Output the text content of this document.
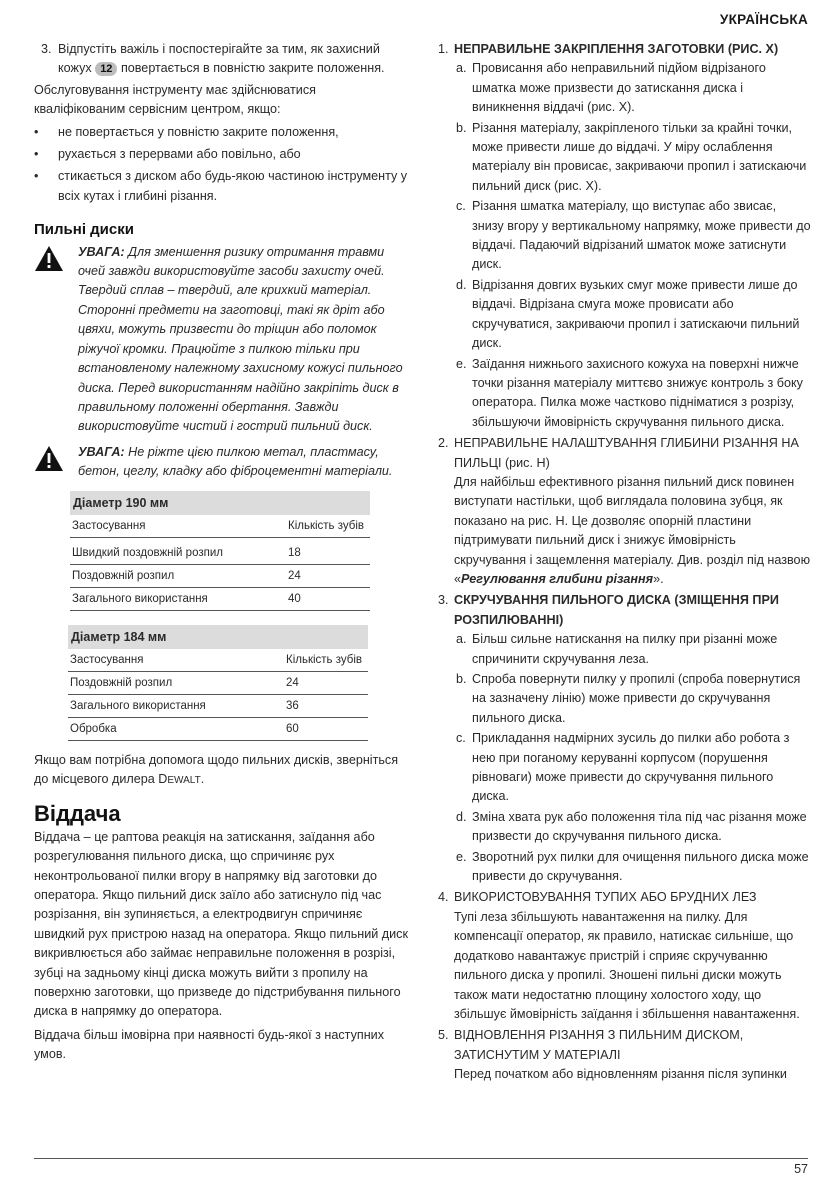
УКРАЇНСЬКА
3. Відпустіть важіль і поспостерігайте за тим, як захисний кожух 12 повертається в повністю закрите положення.

Обслуговування інструменту має здійснюватися кваліфікованим сервісним центром, якщо:

• не повертається у повністю закрите положення,
• рухається з перервами або повільно, або
• стикається з диском або будь-якою частиною інструменту у всіх кутах і глибині різання.
Пильні диски
УВАГА: Для зменшення ризику отримання травми очей завжди використовуйте засоби захисту очей. Твердий сплав – твердий, але крихкий матеріал. Сторонні предмети на заготовці, такі як дріт або цвяхи, можуть призвести до тріщин або поломок ріжучої кромки. Працюйте з пилкою тільки при встановленому належному захисному кожусі пильного диска. Перед використанням надійно закріпіть диск в правильному положенні обертання. Завжди використовуйте чистий і гострий пильний диск.
УВАГА: Не ріжте цією пилкою метал, пластмасу, бетон, цеглу, кладку або фіброцементні матеріали.
Діаметр 190 мм
Застосування	Кількість зубів
Швидкий поздовжній розпил	18
Поздовжній розпил	24
Загального використання	40
Діаметр 184 мм
Застосування	Кількість зубів
Поздовжній розпил	24
Загального використання	36
Обробка	60

Якщо вам потрібна допомога щодо пильних дисків, зверніться до місцевого дилера DEWALT.

Віддача

Віддача – це раптова реакція на затискання, заїдання або розрегулювання пильного диска, що спричиняє рух неконтрольованої пилки вгору в напрямку від заготовки до оператора. Якщо пильний диск заїло або затиснуло під час розрізання, він зупиняється, а електродвигун спричиняє швидкий рух пристрою назад на оператора. Якщо пильний диск викривлюється або займає неправильне положення в розрізі, зубці на задньому кінці диска можуть вийти з пропилу на поверхню заготовки, що призведе до підстрибування пильного диска в напрямку до оператора.

Віддача більш імовірна при наявності будь-якої з наступних умов.

1. НЕПРАВИЛЬНЕ ЗАКРІПЛЕННЯ ЗАГОТОВКИ (РИС. X)
a. Провисання або неправильний підйом відрізаного шматка може призвести до затискання диска і виникнення віддачі (рис. X).
b. Різання матеріалу, закріпленого тільки за крайні точки, може привести лише до віддачі. У міру ослаблення матеріалу він провисає, закриваючи пропил і затискаючи пильний диск (рис. X).
c. Різання шматка матеріалу, що виступає або звисає, знизу вгору у вертикальному напрямку, може привести до віддачі. Падаючий відрізаний шматок може затиснути диск.
d. Відрізання довгих вузьких смуг може привести лише до віддачі. Відрізана смуга може провисати або скручуватися, закриваючи пропил і затискаючи пильний диск.
e. Заїдання нижнього захисного кожуха на поверхні нижче точки різання матеріалу миттєво знижує контроль з боку оператора. Пилка може частково підніматися з розрізу, збільшуючи ймовірність скручування пильного диска.
2. НЕПРАВИЛЬНЕ НАЛАШТУВАННЯ ГЛИБИНИ РІЗАННЯ НА ПИЛЬЦІ (рис. H)
Для найбільш ефективного різання пильний диск повинен виступати настільки, щоб виглядала половина зубця, як показано на рис. H. Це дозволяє опорній пластини підтримувати пильний диск і знижує ймовірність скручування і защемлення матеріалу. Див. розділ під назвою «Регулювання глибини різання».
3. СКРУЧУВАННЯ ПИЛЬНОГО ДИСКА (ЗМІЩЕННЯ ПРИ РОЗПИЛЮВАННІ)
a. Більш сильне натискання на пилку при різанні може спричинити скручування леза.
b. Спроба повернути пилку у пропилі (спроба повернутися на зазначену лінію) може привести до скручування пильного диска.
c. Прикладання надмірних зусиль до пилки або робота з нею при поганому керуванні корпусом (порушення рівноваги) може привести до скручування пильного диска.
d. Зміна хвата рук або положення тіла під час різання може призвести до скручування пильного диска.
e. Зворотний рух пилки для очищення пильного диска може привести до скручування.
4. ВИКОРИСТОВУВАННЯ ТУПИХ АБО БРУДНИХ ЛЕЗ
Тупі леза збільшують навантаження на пилку. Для компенсації оператор, як правило, натискає сильніше, що додатково навантажує пристрій і сприяє скручуванню пильного диска у пропилі. Зношені пильні диски можуть також мати недостатню площину холостого ходу, що збільшує ймовірність заїдання і збільшення навантаження.
5. ВІДНОВЛЕННЯ РІЗАННЯ З ПИЛЬНИМ ДИСКОМ, ЗАТИСНУТИМ У МАТЕРІАЛІ
Перед початком або відновленням різання після зупинки
57
